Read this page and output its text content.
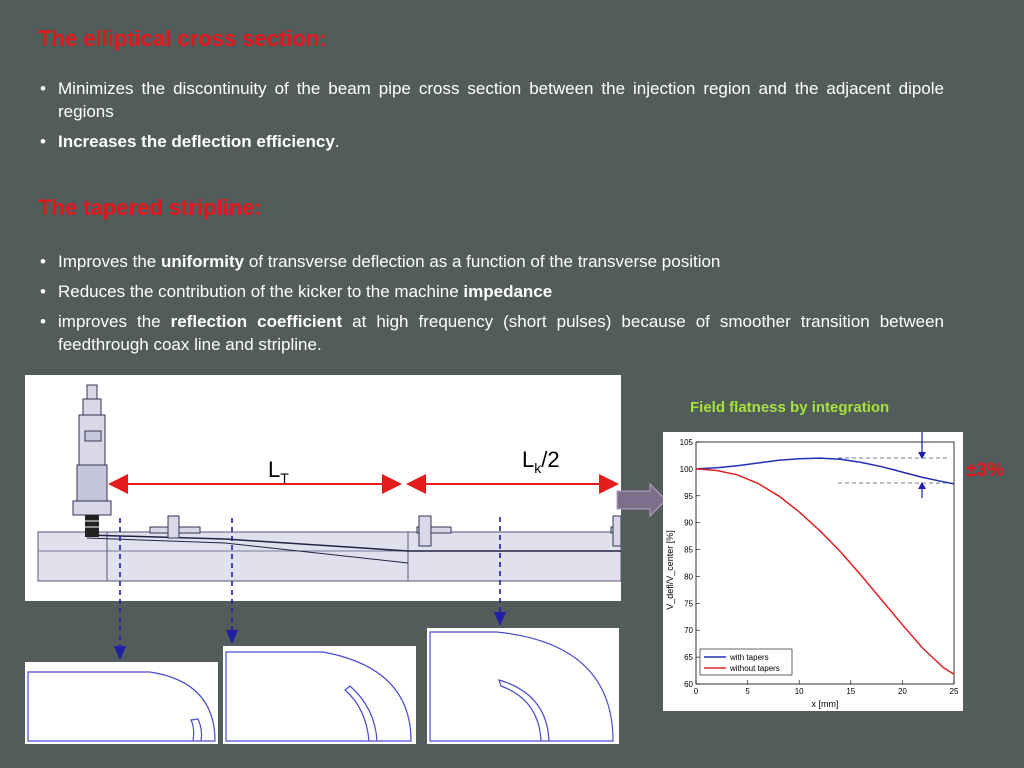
The elliptical cross section:
• Minimizes the discontinuity of the beam pipe cross section between the injection region and the adjacent dipole regions
• Increases the deflection efficiency.
The tapered stripline:
• Improves the uniformity of transverse deflection as a function of the transverse position
• Reduces the contribution of the kicker to the machine impedance
• improves the reflection coefficient at high frequency (short pulses) because of smoother transition between feedthrough coax line and stripline.
$L_T$
$L_k/2$
Field flatness by integration
60
65
70
75
80
85
90
95
100
105
0	5	10	15	20	25
with tapers
without tapers
x [mm]
V_defl/V_center [%]
±3%
